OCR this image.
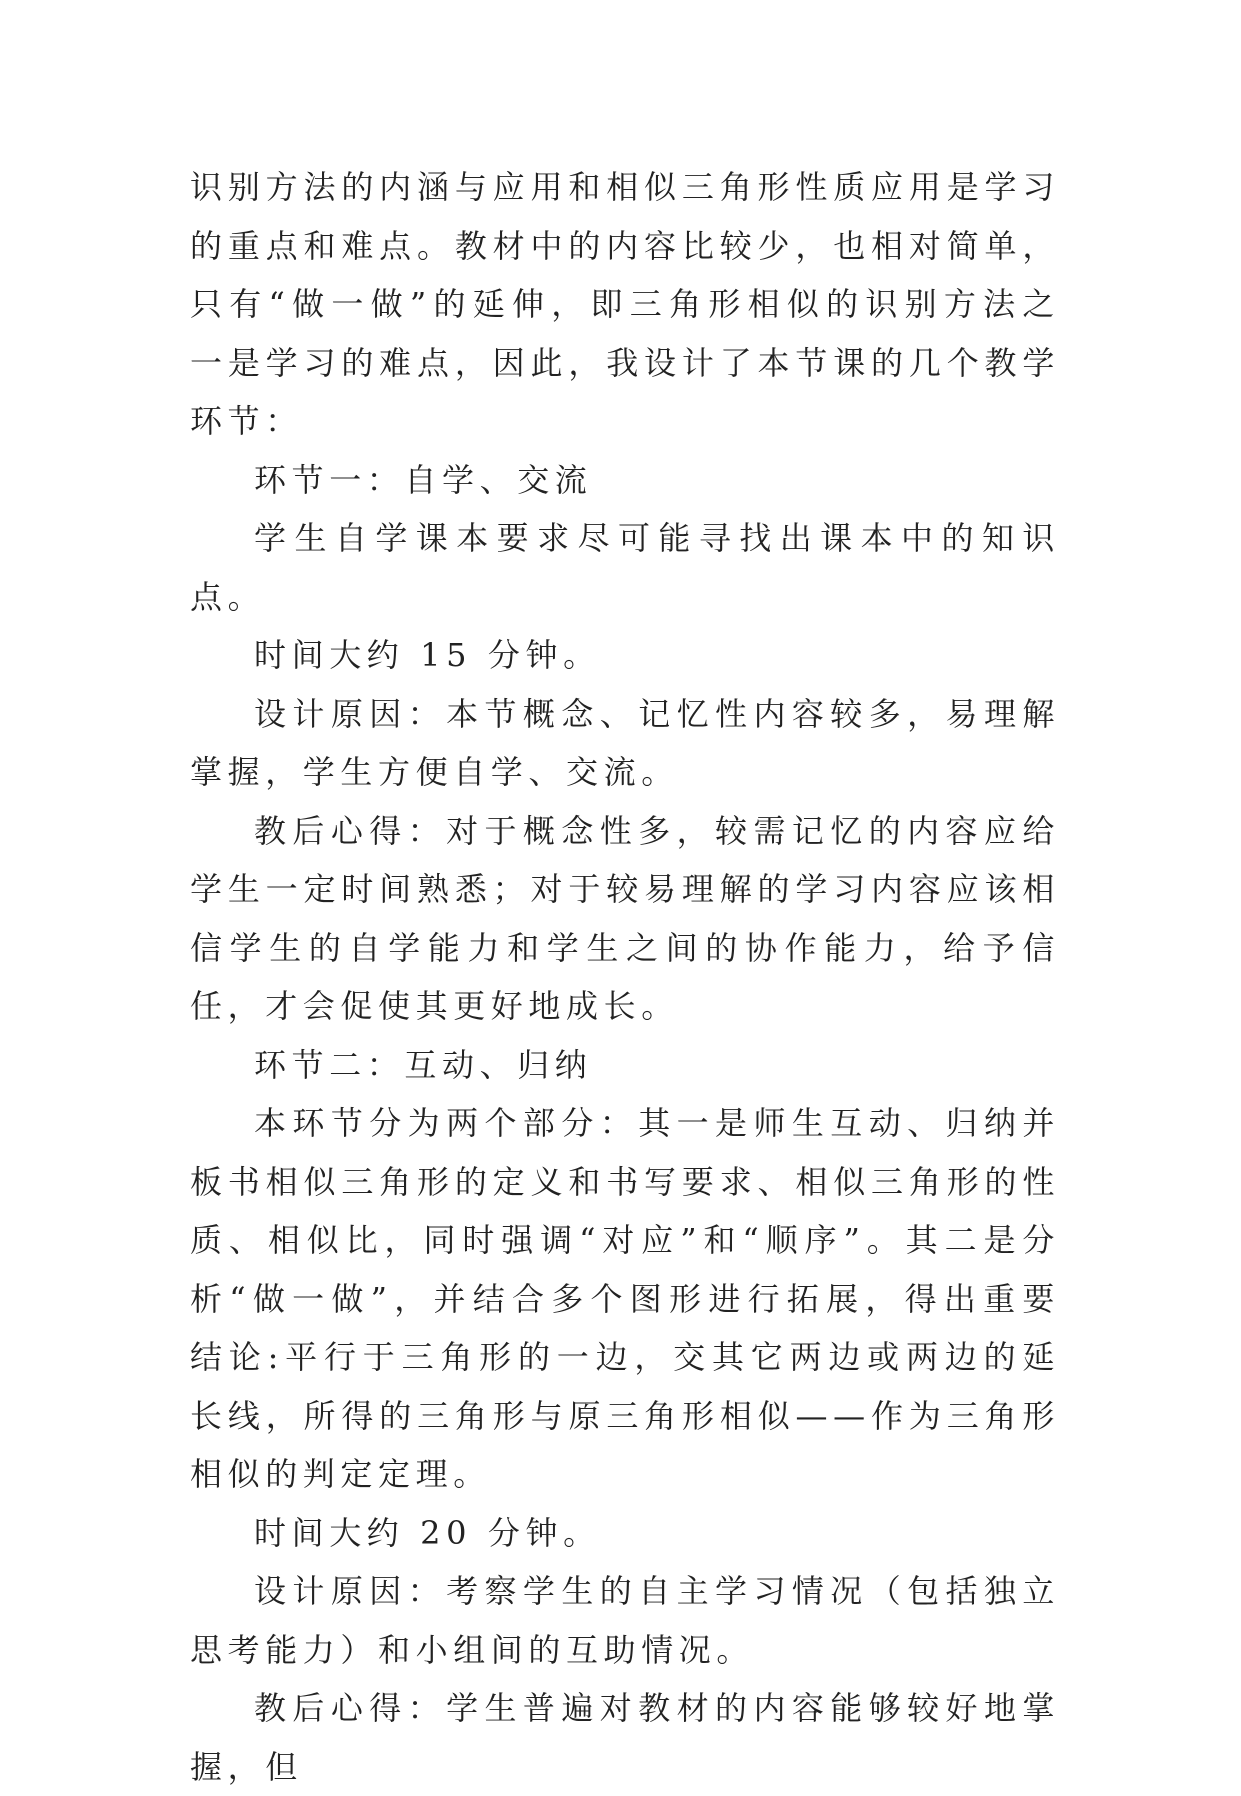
识别方法的内涵与应用和相似三角形性质应用是学习的重点和难点。教材中的内容比较少，也相对简单，只有“做一做”的延伸，即三角形相似的识别方法之一是学习的难点，因此，我设计了本节课的几个教学环节：

环节一：自学、交流

学生自学课本要求尽可能寻找出课本中的知识点。

时间大约 15 分钟。

设计原因：本节概念、记忆性内容较多，易理解掌握，学生方便自学、交流。

教后心得：对于概念性多，较需记忆的内容应给学生一定时间熟悉；对于较易理解的学习内容应该相信学生的自学能力和学生之间的协作能力，给予信任，才会促使其更好地成长。

环节二：互动、归纳

本环节分为两个部分：其一是师生互动、归纳并板书相似三角形的定义和书写要求、相似三角形的性质、相似比，同时强调“对应”和“顺序”。其二是分析“做一做”，并结合多个图形进行拓展，得出重要结论:平行于三角形的一边，交其它两边或两边的延长线，所得的三角形与原三角形相似——作为三角形相似的判定定理。

时间大约 20 分钟。

设计原因：考察学生的自主学习情况（包括独立思考能力）和小组间的互助情况。

教后心得：学生普遍对教材的内容能够较好地掌握，但
